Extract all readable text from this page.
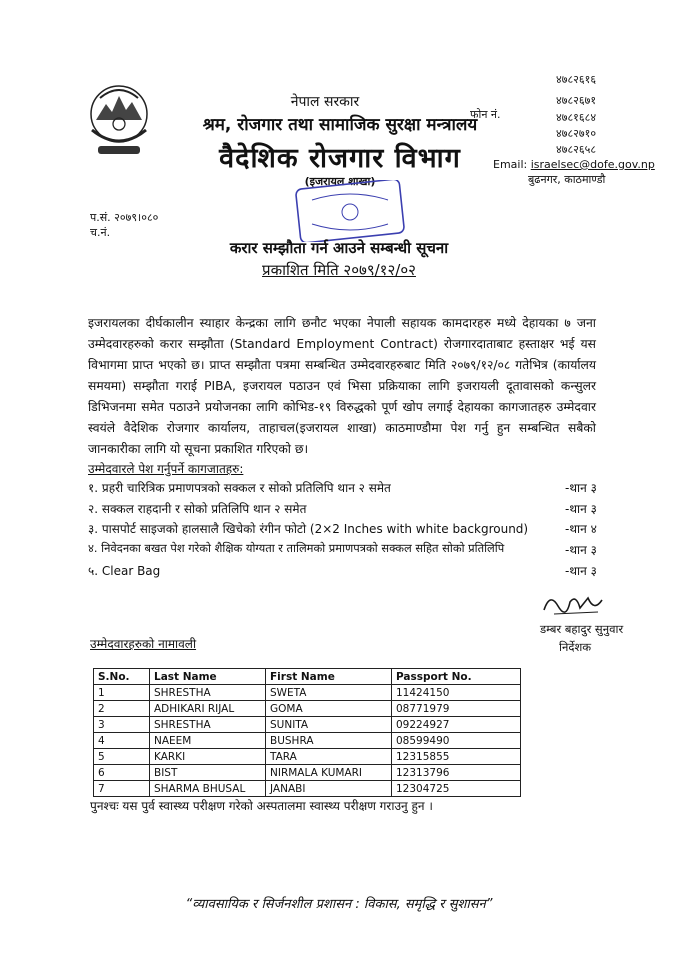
नेपाल सरकार
श्रम, रोजगार तथा सामाजिक सुरक्षा मन्त्रालय
वैदेशिक रोजगार विभाग
(इजरायल शाखा)
फोन नं.
४७८२६१६
४७८२६७१
४७८१६८४
४७८२७१०
४७८२६५८
Email: israelsec@dofe.gov.np
बुढनगर, काठमाण्डौ
प.सं. २०७९।०८०
च.नं.
करार सम्झौता गर्न आउने सम्बन्धी सूचना
प्रकाशित मिति २०७९/१२/०२
इजरायलका दीर्घकालीन स्याहार केन्द्रका लागि छनौट भएका नेपाली सहायक कामदारहरु मध्ये देहायका ७ जना उम्मेदवारहरुको करार सम्झौता (Standard Employment Contract) रोजगारदाताबाट हस्ताक्षर भई यस विभागमा प्राप्त भएको छ। प्राप्त सम्झौता पत्रमा सम्बन्धित उम्मेदवारहरुबाट मिति २०७९/१२/०८ गतेभित्र (कार्यालय समयमा) सम्झौता गराई PIBA, इजरायल पठाउन एवं भिसा प्रक्रियाका लागि इजरायली दूतावासको कन्सुलर डिभिजनमा समेत पठाउने प्रयोजनका लागि कोभिड-१९ विरुद्धको पूर्ण खोप लगाई देहायका कागजातहरु उम्मेदवार स्वयंले वैदेशिक रोजगार कार्यालय, ताहाचल(इजरायल शाखा) काठमाण्डौमा पेश गर्नु हुन सम्बन्धित सबैको जानकारीका लागि यो सूचना प्रकाशित गरिएको छ।
उम्मेदवारले पेश गर्नुपर्ने कागजातहरु:
१. प्रहरी चारित्रिक प्रमाणपत्रको सक्कल र सोको प्रतिलिपि थान २ समेत	-थान ३
२. सक्कल राहदानी र सोको प्रतिलिपि थान २ समेत	-थान ३
३. पासपोर्ट साइजको हालसालै खिचेको रंगीन फोटो (2×2 Inches with white background)	-थान ४
४. निवेदनका बखत पेश गरेको शैक्षिक योग्यता र तालिमको प्रमाणपत्रको सक्कल सहित सोको प्रतिलिपि	-थान ३
५. Clear Bag	-थान ३
डम्बर बहादुर सुनुवार
निर्देशक
उम्मेदवारहरुको नामावली
S.No.	Last Name	First Name	Passport No.
1	SHRESTHA	SWETA	11424150
2	ADHIKARI RIJAL	GOMA	08771979
3	SHRESTHA	SUNITA	09224927
4	NAEEM	BUSHRA	08599490
5	KARKI	TARA	12315855
6	BIST	NIRMALA KUMARI	12313796
7	SHARMA BHUSAL	JANABI	12304725
पुनश्चः यस पुर्व स्वास्थ्य परीक्षण गरेको अस्पतालमा स्वास्थ्य परीक्षण गराउनु हुन ।
“व्यावसायिक र सिर्जनशील प्रशासन : विकास, समृद्धि र सुशासन”
